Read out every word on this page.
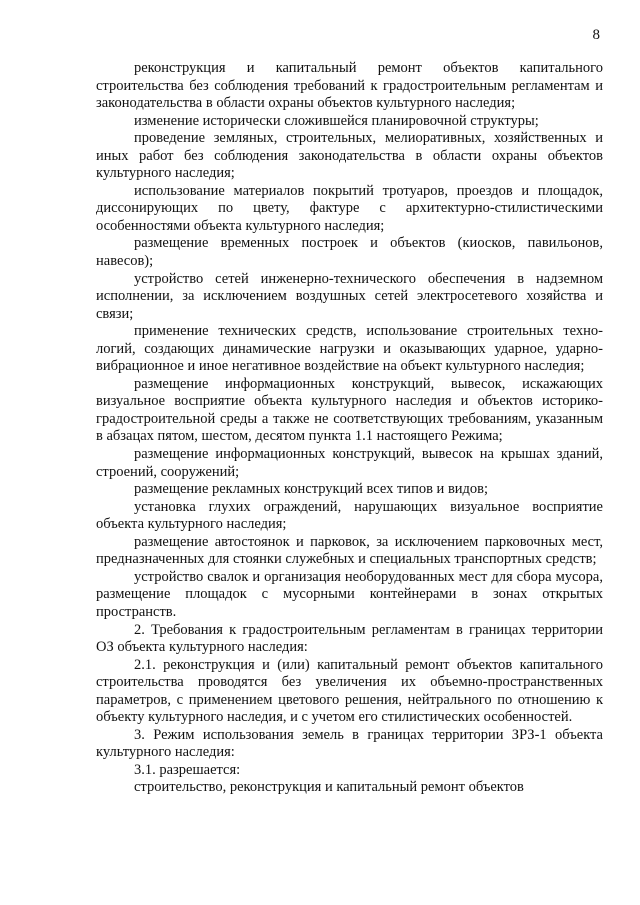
8

реконструкция и капитальный ремонт объектов капитального строительства без соблюдения требований к градостроительным регламентам и законодательства в области охраны объектов культурного наследия;

изменение исторически сложившейся планировочной структуры;

проведение земляных, строительных, мелиоративных, хозяйственных и иных работ без соблюдения законодательства в области охраны объектов культурного наследия;

использование материалов покрытий тротуаров, проездов и площадок, диссонирующих по цвету, фактуре с архитектурно-стилистическими особенностями объекта культурного наследия;

размещение временных построек и объектов (киосков, павильонов, навесов);

устройство сетей инженерно-технического обеспечения в надземном исполнении, за исключением воздушных сетей электросетевого хозяйства и связи;

применение технических средств, использование строительных технологий, создающих динамические нагрузки и оказывающих ударное, ударновибрационное и иное негативное воздействие на объект культурного наследия;

размещение информационных конструкций, вывесок, искажающих визуальное восприятие объекта культурного наследия и объектов историкоградостроительной среды а также не соответствующих требованиям, указанным в абзацах пятом, шестом, десятом пункта 1.1 настоящего Режима;

размещение информационных конструкций, вывесок на крышах зданий, строений, сооружений;

размещение рекламных конструкций всех типов и видов;

установка глухих ограждений, нарушающих визуальное восприятие объекта культурного наследия;

размещение автостоянок и парковок, за исключением парковочных мест, предназначенных для стоянки служебных и специальных транспортных средств;

устройство свалок и организация необорудованных мест для сбора мусора, размещение площадок с мусорными контейнерами в зонах открытых пространств.

2. Требования к градостроительным регламентам в границах территории ОЗ объекта культурного наследия:

2.1. реконструкция и (или) капитальный ремонт объектов капитального строительства проводятся без увеличения их объемно-пространственных параметров, с применением цветового решения, нейтрального по отношению к объекту культурного наследия, и с учетом его стилистических особенностей.

3. Режим использования земель в границах территории ЗРЗ-1 объекта культурного наследия:

3.1. разрешается:

строительство, реконструкция и капитальный ремонт объектов
